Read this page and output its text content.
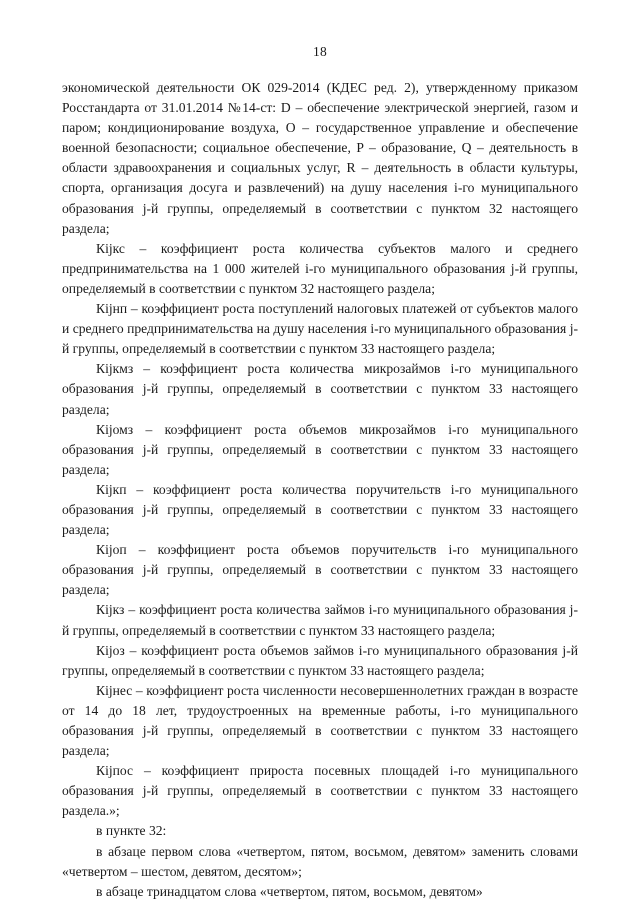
18

экономической деятельности ОК 029-2014 (КДЕС ред. 2), утвержденному приказом Росстандарта от 31.01.2014 №14-ст: D – обеспечение электрической энергией, газом и паром; кондиционирование воздуха, O – государственное управление и обеспечение военной безопасности; социальное обеспечение, P – образование, Q – деятельность в области здравоохранения и социальных услуг, R – деятельность в области культуры, спорта, организация досуга и развлечений) на душу населения i-го муниципального образования j-й группы, определяемый в соответствии с пунктом 32 настоящего раздела;

Кijкс – коэффициент роста количества субъектов малого и среднего предпринимательства на 1 000 жителей i-го муниципального образования j-й группы, определяемый в соответствии с пунктом 32 настоящего раздела;

Кijнп – коэффициент роста поступлений налоговых платежей от субъектов малого и среднего предпринимательства на душу населения i-го муниципального образования j-й группы, определяемый в соответствии с пунктом 33 настоящего раздела;

Кijкмз – коэффициент роста количества микрозаймов i-го муниципального образования j-й группы, определяемый в соответствии с пунктом 33 настоящего раздела;

Кijомз – коэффициент роста объемов микрозаймов i-го муниципального образования j-й группы, определяемый в соответствии с пунктом 33 настоящего раздела;

Кijкп – коэффициент роста количества поручительств i-го муниципального образования j-й группы, определяемый в соответствии с пунктом 33 настоящего раздела;

Кijоп – коэффициент роста объемов поручительств i-го муниципального образования j-й группы, определяемый в соответствии с пунктом 33 настоящего раздела;

Кijкз – коэффициент роста количества займов i-го муниципального образования j-й группы, определяемый в соответствии с пунктом 33 настоящего раздела;

Кijоз – коэффициент роста объемов займов i-го муниципального образования j-й группы, определяемый в соответствии с пунктом 33 настоящего раздела;

Кijнес – коэффициент роста численности несовершеннолетних граждан в возрасте от 14 до 18 лет, трудоустроенных на временные работы, i-го муниципального образования j-й группы, определяемый в соответствии с пунктом 33 настоящего раздела;

Кijпос – коэффициент прироста посевных площадей i-го муниципального образования j-й группы, определяемый в соответствии с пунктом 33 настоящего раздела.»;

в пункте 32:

в абзаце первом слова «четвертом, пятом, восьмом, девятом» заменить словами «четвертом – шестом, девятом, десятом»;

в абзаце тринадцатом слова «четвертом, пятом, восьмом, девятом»
